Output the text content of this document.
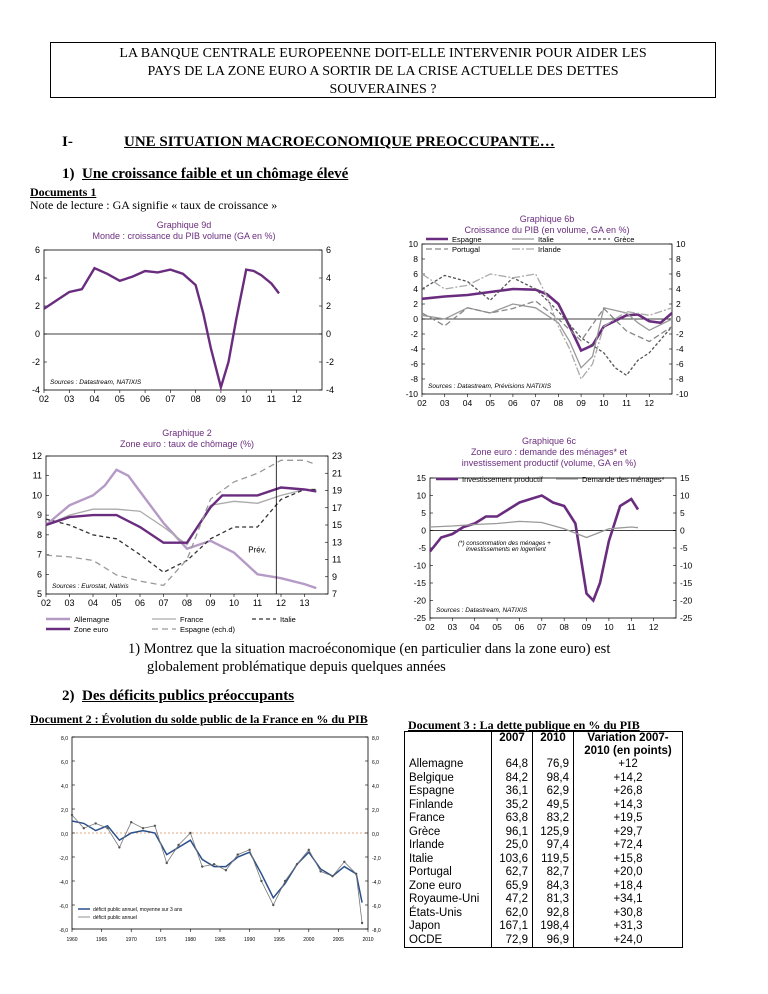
LA BANQUE CENTRALE EUROPEENNE DOIT-ELLE INTERVENIR POUR AIDER LES
PAYS DE LA ZONE EURO A SORTIR DE LA CRISE ACTUELLE DES DETTES
SOUVERAINES ?
I-	UNE SITUATION MACROECONOMIQUE PREOCCUPANTE…
1) Une croissance faible et un chômage élevé
Documents 1
Note de lecture : GA signifie « taux de croissance »
Graphique 9d
Monde : croissance du PIB volume (GA en %)
-4
-2
0
2
4
6
-4
-2
0
2
4
6
02 03 04 05 06 07 08 09 10 11 12
Sources : Datastream, NATIXIS
Graphique 6b
Croissance du PIB (en volume, GA en %)
-10
-8
-6
-4
-2
0
2
4
6
8
10
-10
-8
-6
-4
-2
0
2
4
6
8
10
02 03 04 05 06 07 08 09 10 11 12
Sources : Datastream, Prévisions NATIXIS
Espagne	Italie	Grèce
Portugal	Irlande
Graphique 2
Zone euro : taux de chômage (%)
5
6
7
8
9
10
11
12
7
9
11
13
15
17
19
21
23
02 03 04 05 06 07 08 09 10 11 12 13
Sources : Eurostat, Natixis
Prév.
Allemagne	France	Italie
Zone euro	Espagne (ech.d)
Graphique 6c
Zone euro : demande des ménages* et
investissement productif (volume, GA en %)
-25
-20
-15
-10
-5
0
5
10
15
-25
-20
-15
-10
-5
0
5
10
15
02 03 04 05 06 07 08 09 10 11 12
Sources : Datastream, NATIXIS
Investissement productif	Demande des ménages*
(*) consommation des ménages +
investissements en logement
1) Montrez que la situation macroéconomique (en particulier dans la zone euro) est
globalement problématique depuis quelques années
2) Des déficits publics préoccupants
Document 2 : Évolution du solde public de la France en % du PIB
-8,0
-6,0
-4,0
-2,0
0,0
2,0
4,0
6,0
8,0
-8,0
-6,0
-4,0
-2,0
0,0
2,0
4,0
6,0
8,0
1960	1965	1970	1975	1980	1985	1990	1995	2000	2005	2010
déficit public annuel, moyenne sur 3 ans
déficit public annuel
Document 3 : La dette publique en % du PIB
	2007	2010	Variation 2007-2010 (en points)
Allemagne	64,8	76,9	+12
Belgique	84,2	98,4	+14,2
Espagne	36,1	62,9	+26,8
Finlande	35,2	49,5	+14,3
France	63,8	83,2	+19,5
Grèce	96,1	125,9	+29,7
Irlande	25,0	97,4	+72,4
Italie	103,6	119,5	+15,8
Portugal	62,7	82,7	+20,0
Zone euro	65,9	84,3	+18,4
Royaume-Uni	47,2	81,3	+34,1
États-Unis	62,0	92,8	+30,8
Japon	167,1	198,4	+31,3
OCDE	72,9	96,9	+24,0
